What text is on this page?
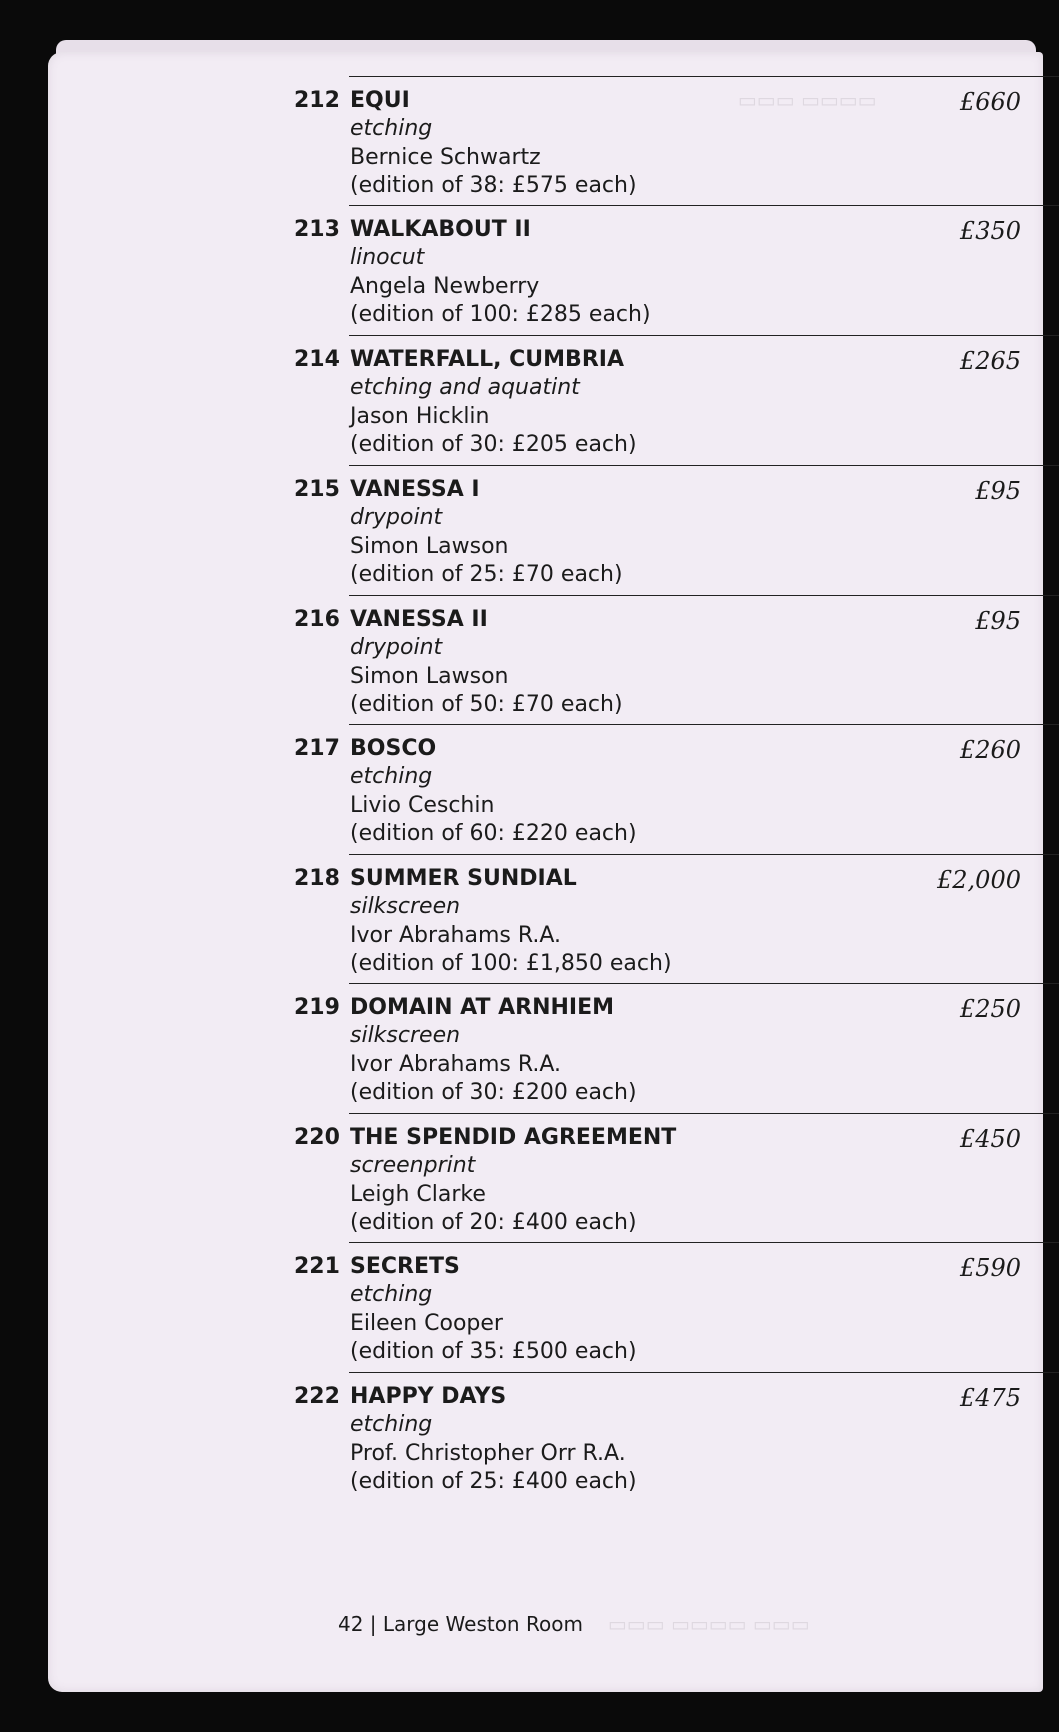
▭▭▭▭ ▭▭▭
▭▭▭ ▭▭▭▭ ▭▭▭
212 EQUI
etching
Bernice Schwartz
(edition of 38: £575 each)
£660
213 WALKABOUT II
linocut
Angela Newberry
(edition of 100: £285 each)
£350
214 WATERFALL, CUMBRIA
etching and aquatint
Jason Hicklin
(edition of 30: £205 each)
£265
215 VANESSA I
drypoint
Simon Lawson
(edition of 25: £70 each)
£95
216 VANESSA II
drypoint
Simon Lawson
(edition of 50: £70 each)
£95
217 BOSCO
etching
Livio Ceschin
(edition of 60: £220 each)
£260
218 SUMMER SUNDIAL
silkscreen
Ivor Abrahams R.A.
(edition of 100: £1,850 each)
£2,000
219 DOMAIN AT ARNHIEM
silkscreen
Ivor Abrahams R.A.
(edition of 30: £200 each)
£250
220 THE SPENDID AGREEMENT
screenprint
Leigh Clarke
(edition of 20: £400 each)
£450
221 SECRETS
etching
Eileen Cooper
(edition of 35: £500 each)
£590
222 HAPPY DAYS
etching
Prof. Christopher Orr R.A.
(edition of 25: £400 each)
£475
42 | Large Weston Room
